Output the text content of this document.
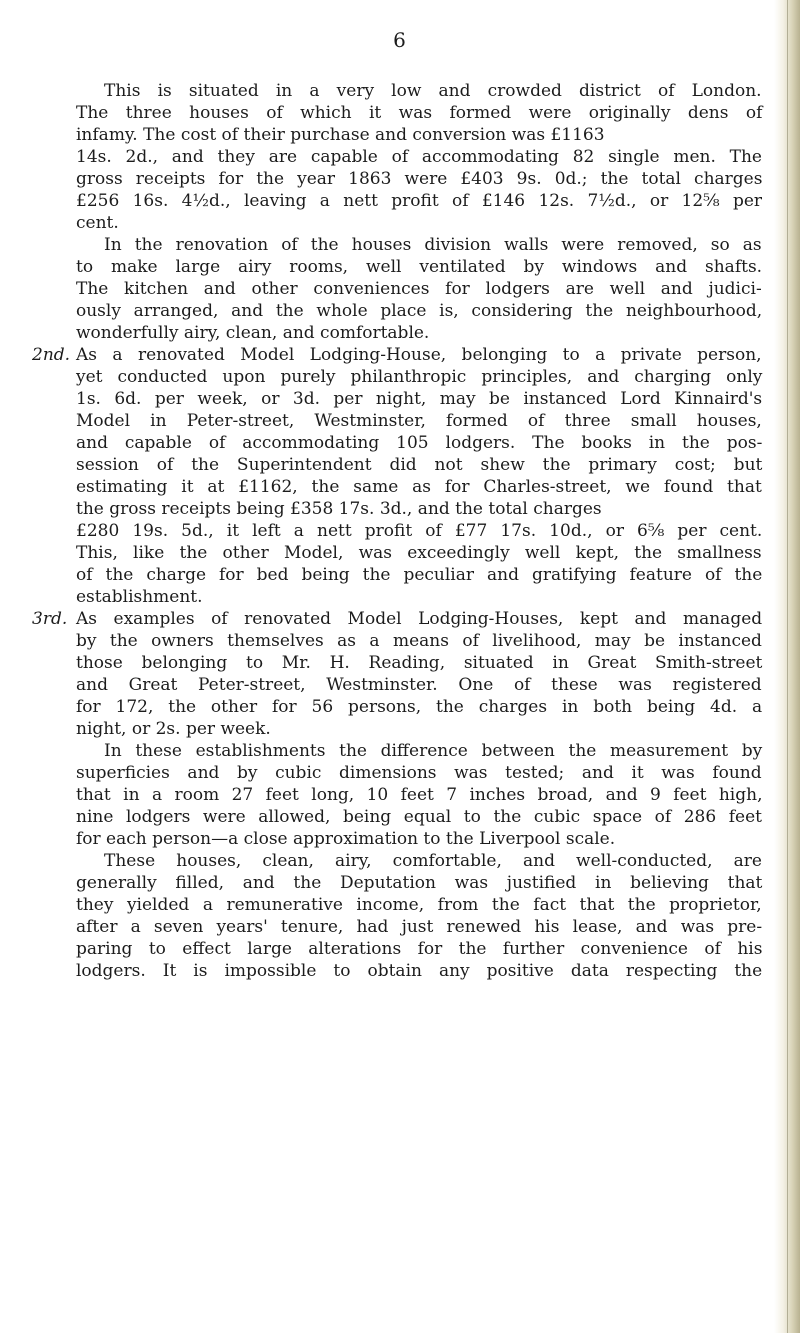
6
This is situated in a very low and crowded district of London.
The three houses of which it was formed were originally dens of
infamy. The cost of their purchase and conversion was £1163
14s. 2d., and they are capable of accommodating 82 single men. The
gross receipts for the year 1863 were £403 9s. 0d.; the total charges
£256 16s. 4½d., leaving a nett profit of £146 12s. 7½d., or 12⅝ per
cent.
In the renovation of the houses division walls were removed, so as
to make large airy rooms, well ventilated by windows and shafts.
The kitchen and other conveniences for lodgers are well and judici-
ously arranged, and the whole place is, considering the neighbourhood,
wonderfully airy, clean, and comfortable.
2nd. As a renovated Model Lodging-House, belonging to a private person,
yet conducted upon purely philanthropic principles, and charging only
1s. 6d. per week, or 3d. per night, may be instanced Lord Kinnaird's
Model in Peter-street, Westminster, formed of three small houses,
and capable of accommodating 105 lodgers. The books in the pos-
session of the Superintendent did not shew the primary cost; but
estimating it at £1162, the same as for Charles-street, we found that
the gross receipts being £358 17s. 3d., and the total charges
£280 19s. 5d., it left a nett profit of £77 17s. 10d., or 6⅝ per cent.
This, like the other Model, was exceedingly well kept, the smallness
of the charge for bed being the peculiar and gratifying feature of the
establishment.
3rd. As examples of renovated Model Lodging-Houses, kept and managed
by the owners themselves as a means of livelihood, may be instanced
those belonging to Mr. H. Reading, situated in Great Smith-street
and Great Peter-street, Westminster. One of these was registered
for 172, the other for 56 persons, the charges in both being 4d. a
night, or 2s. per week.
In these establishments the difference between the measurement by
superficies and by cubic dimensions was tested; and it was found
that in a room 27 feet long, 10 feet 7 inches broad, and 9 feet high,
nine lodgers were allowed, being equal to the cubic space of 286 feet
for each person—a close approximation to the Liverpool scale.
These houses, clean, airy, comfortable, and well-conducted, are
generally filled, and the Deputation was justified in believing that
they yielded a remunerative income, from the fact that the proprietor,
after a seven years' tenure, had just renewed his lease, and was pre-
paring to effect large alterations for the further convenience of his
lodgers. It is impossible to obtain any positive data respecting the
